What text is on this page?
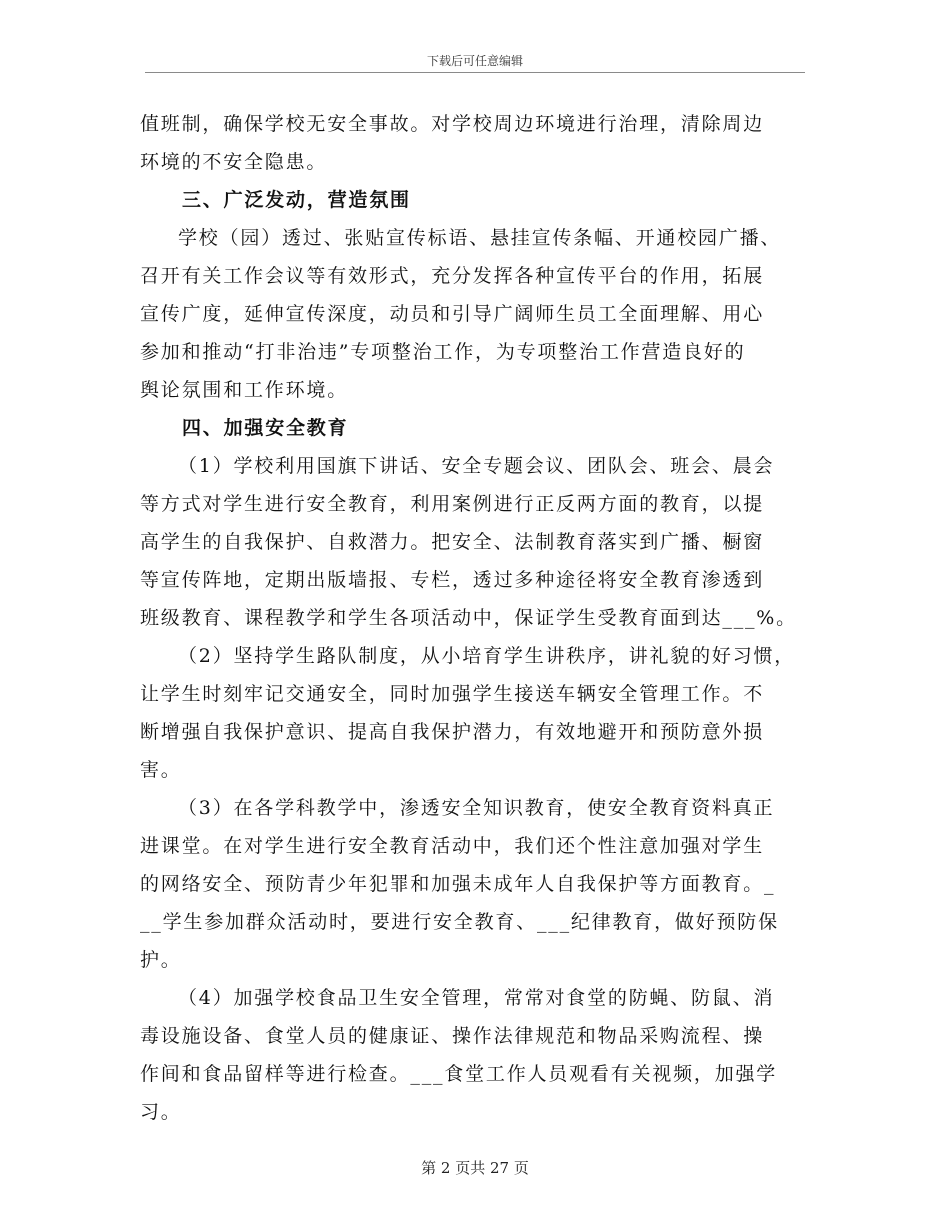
下载后可任意编辑
值班制，确保学校无安全事故。对学校周边环境进行治理，清除周边
环境的不安全隐患。
三、广泛发动，营造氛围
学校（园）透过、张贴宣传标语、悬挂宣传条幅、开通校园广播、
召开有关工作会议等有效形式，充分发挥各种宣传平台的作用，拓展
宣传广度，延伸宣传深度，动员和引导广阔师生员工全面理解、用心
参加和推动“打非治违”专项整治工作，为专项整治工作营造良好的
舆论氛围和工作环境。
四、加强安全教育
（1）学校利用国旗下讲话、安全专题会议、团队会、班会、晨会
等方式对学生进行安全教育，利用案例进行正反两方面的教育，以提
高学生的自我保护、自救潜力。把安全、法制教育落实到广播、橱窗
等宣传阵地，定期出版墙报、专栏，透过多种途径将安全教育渗透到
班级教育、课程教学和学生各项活动中，保证学生受教育面到达___%。
（2）坚持学生路队制度，从小培育学生讲秩序，讲礼貌的好习惯，
让学生时刻牢记交通安全，同时加强学生接送车辆安全管理工作。不
断增强自我保护意识、提高自我保护潜力，有效地避开和预防意外损
害。
（3）在各学科教学中，渗透安全知识教育，使安全教育资料真正
进课堂。在对学生进行安全教育活动中，我们还个性注意加强对学生
的网络安全、预防青少年犯罪和加强未成年人自我保护等方面教育。_
__学生参加群众活动时，要进行安全教育、___纪律教育，做好预防保
护。
（4）加强学校食品卫生安全管理，常常对食堂的防蝇、防鼠、消
毒设施设备、食堂人员的健康证、操作法律规范和物品采购流程、操
作间和食品留样等进行检查。___食堂工作人员观看有关视频，加强学
习。
第 2 页共 27 页
